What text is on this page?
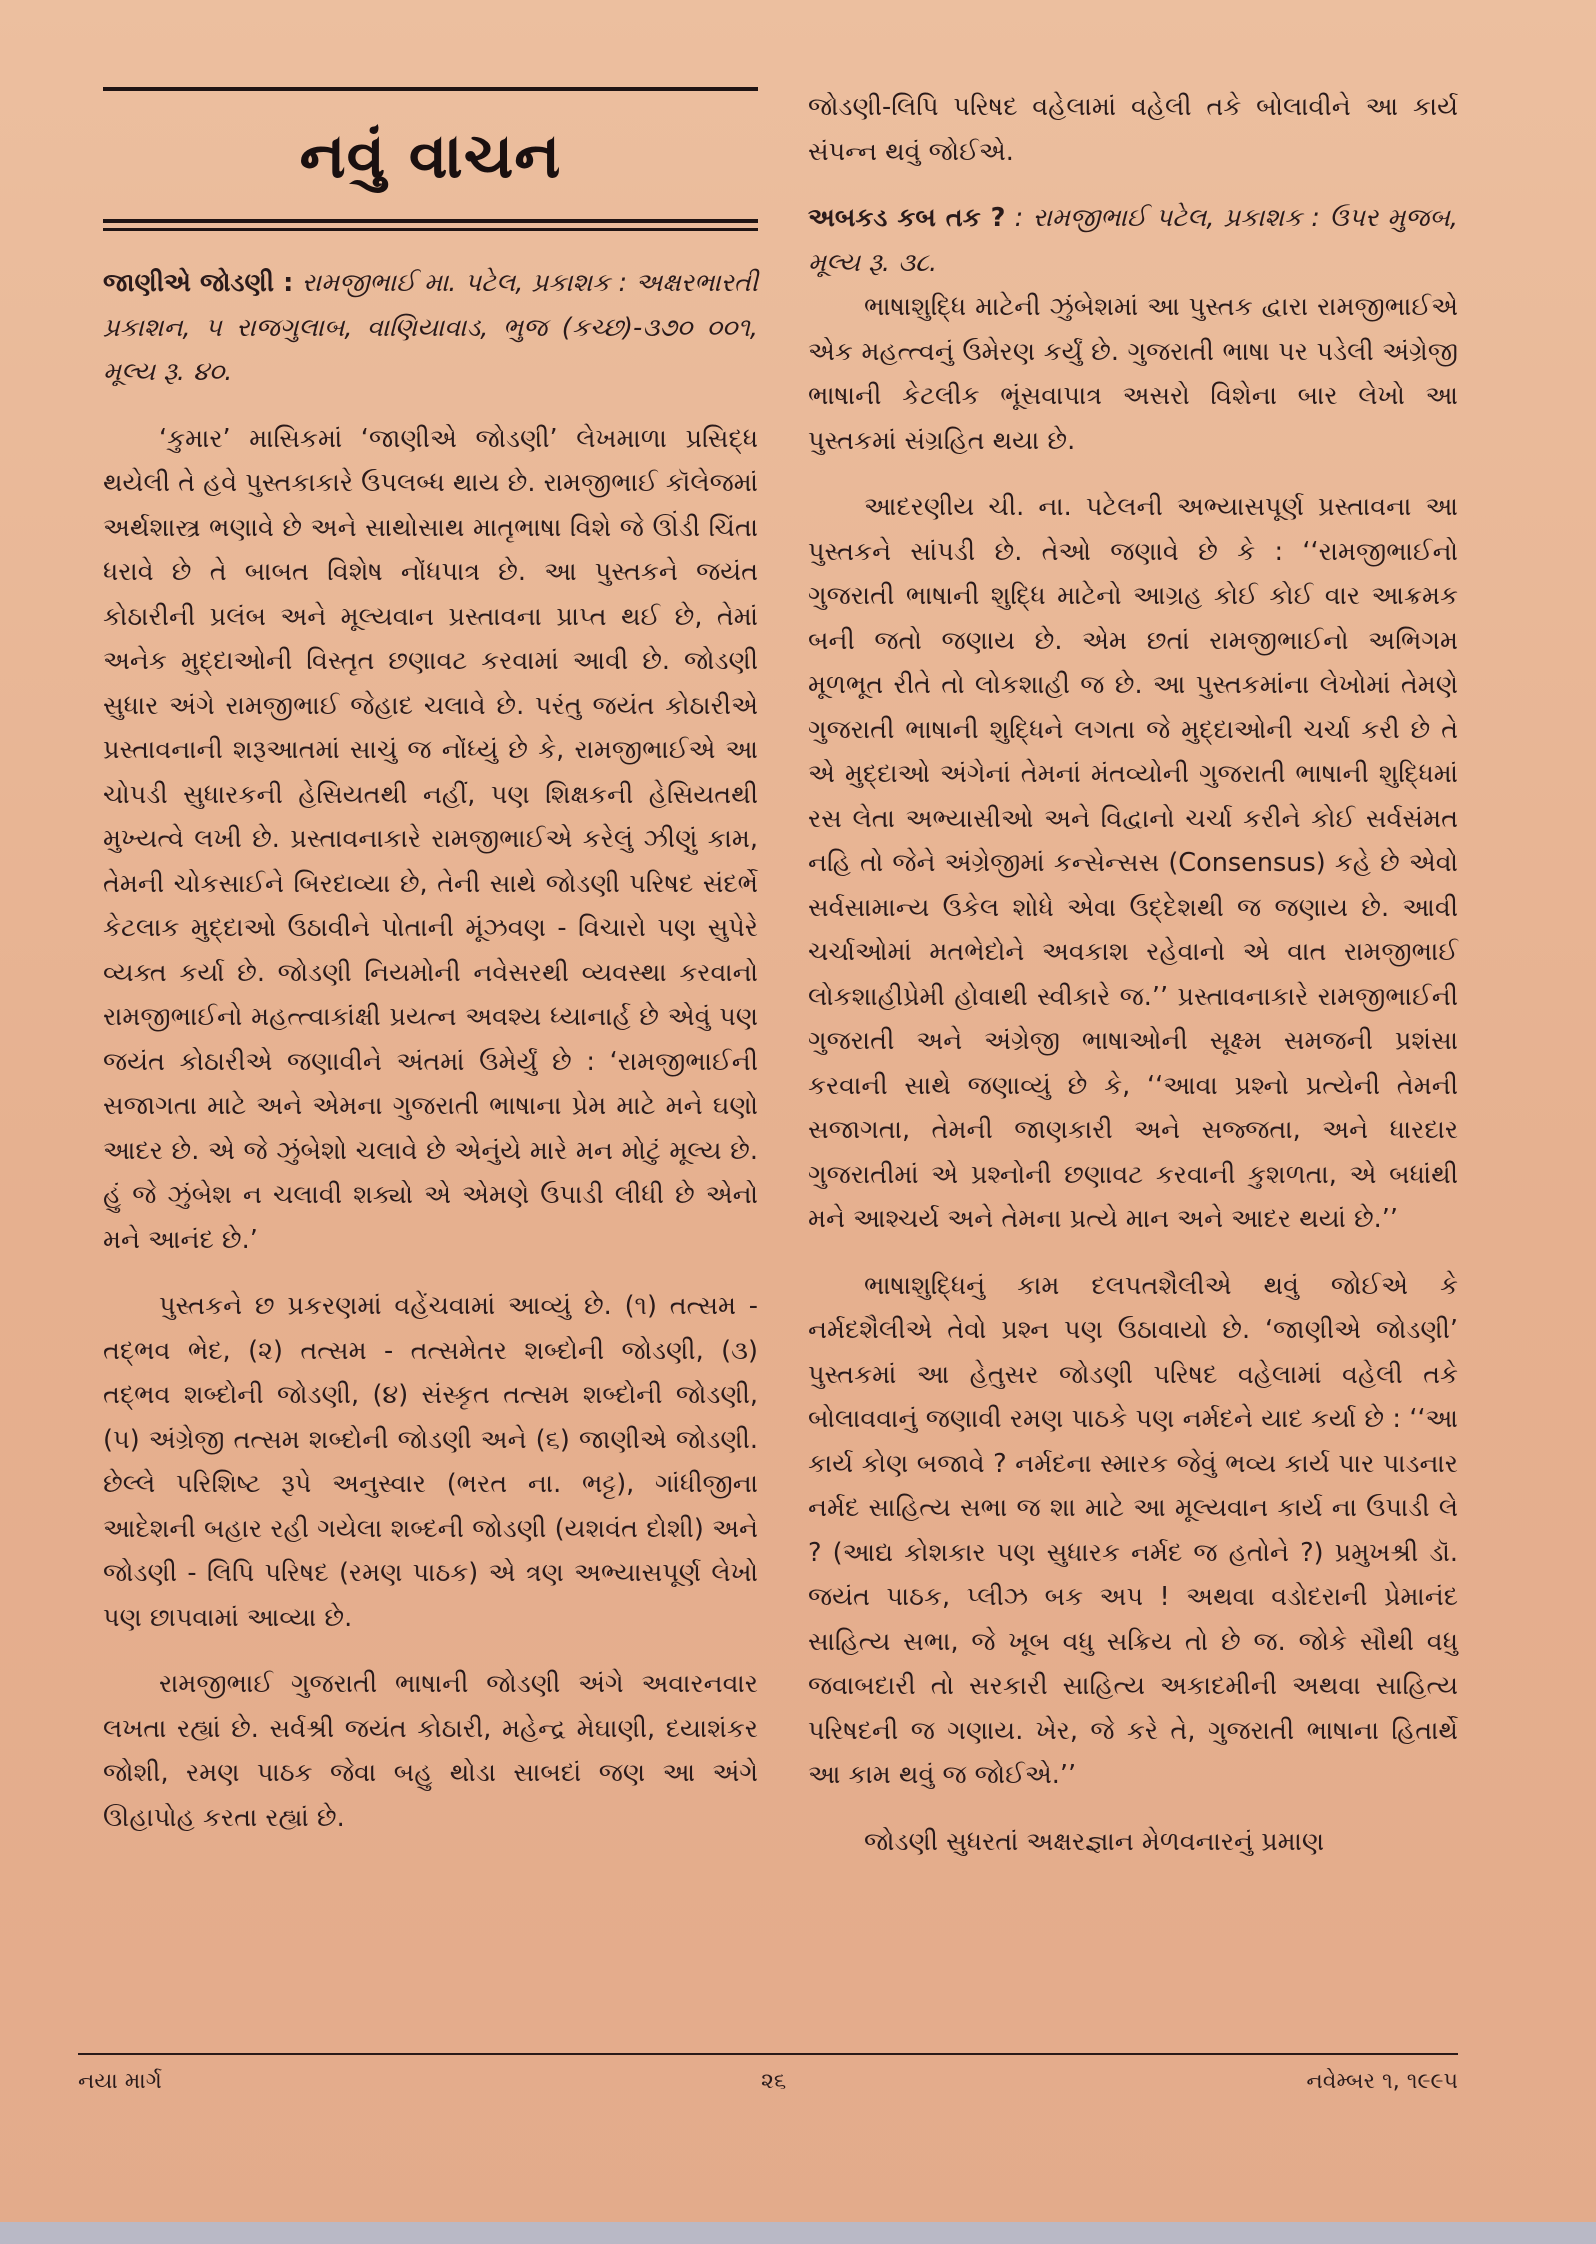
નવું વાચન

જાણીએ જોડણી : રામજીભાઈ મા. પટેલ, પ્રકાશક : અક્ષરભારતી પ્રકાશન, ૫ રાજગુલાબ, વાણિયાવાડ, ભુજ (કચ્છ)-૩૭૦ ૦૦૧, મૂલ્ય રૂ. ૪૦.

‘કુમાર’ માસિકમાં ‘જાણીએ જોડણી’ લેખમાળા પ્રસિદ્ધ થયેલી તે હવે પુસ્તકાકારે ઉપલબ્ધ થાય છે. રામજીભાઈ કૉલેજમાં અર્થશાસ્ત્ર ભણાવે છે અને સાથોસાથ માતૃભાષા વિશે જે ઊંડી ચિંતા ધરાવે છે તે બાબત વિશેષ નોંધપાત્ર છે. આ પુસ્તકને જયંત કોઠારીની પ્રલંબ અને મૂલ્યવાન પ્રસ્તાવના પ્રાપ્ત થઈ છે, તેમાં અનેક મુદ્દાઓની વિસ્તૃત છણાવટ કરવામાં આવી છે. જોડણી સુધાર અંગે રામજીભાઈ જેહાદ ચલાવે છે. પરંતુ જયંત કોઠારીએ પ્રસ્તાવનાની શરૂઆતમાં સાચું જ નોંધ્યું છે કે, રામજીભાઈએ આ ચોપડી સુધારકની હેસિયતથી નહીં, પણ શિક્ષકની હેસિયતથી મુખ્યત્વે લખી છે. પ્રસ્તાવનાકારે રામજીભાઈએ કરેલું ઝીણું કામ, તેમની ચોકસાઈને બિરદાવ્યા છે, તેની સાથે જોડણી પરિષદ સંદર્ભે કેટલાક મુદ્દાઓ ઉઠાવીને પોતાની મૂંઝવણ - વિચારો પણ સુપેરે વ્યક્ત કર્યા છે. જોડણી નિયમોની નવેસરથી વ્યવસ્થા કરવાનો રામજીભાઈનો મહત્ત્વાકાંક્ષી પ્રયત્ન અવશ્ય ધ્યાનાર્હ છે એવું પણ જયંત કોઠારીએ જણાવીને અંતમાં ઉમેર્યું છે : ‘રામજીભાઈની સજાગતા માટે અને એમના ગુજરાતી ભાષાના પ્રેમ માટે મને ઘણો આદર છે. એ જે ઝુંબેશો ચલાવે છે એનુંયે મારે મન મોટું મૂલ્ય છે. હું જે ઝુંબેશ ન ચલાવી શક્યો એ એમણે ઉપાડી લીધી છે એનો મને આનંદ છે.’

પુસ્તકને છ પ્રકરણમાં વહેંચવામાં આવ્યું છે. (૧) તત્સમ - તદ્ભવ ભેદ, (૨) તત્સમ - તત્સમેતર શબ્દોની જોડણી, (૩) તદ્ભવ શબ્દોની જોડણી, (૪) સંસ્કૃત તત્સમ શબ્દોની જોડણી, (૫) અંગ્રેજી તત્સમ શબ્દોની જોડણી અને (૬) જાણીએ જોડણી. છેલ્લે પરિશિષ્ટ રૂપે અનુસ્વાર (ભરત ના. ભટ્ટ), ગાંધીજીના આદેશની બહાર રહી ગયેલા શબ્દની જોડણી (યશવંત દોશી) અને જોડણી - લિપિ પરિષદ (રમણ પાઠક) એ ત્રણ અભ્યાસપૂર્ણ લેખો પણ છાપવામાં આવ્યા છે.

રામજીભાઈ ગુજરાતી ભાષાની જોડણી અંગે અવારનવાર લખતા રહ્યાં છે. સર્વશ્રી જયંત કોઠારી, મહેન્દ્ર મેઘાણી, દયાશંકર જોશી, રમણ પાઠક જેવા બહુ થોડા સાબદાં જણ આ અંગે ઊહાપોહ કરતા રહ્યાં છે.

જોડણી-લિપિ પરિષદ વહેલામાં વહેલી તકે બોલાવીને આ કાર્ય સંપન્ન થવું જોઈએ.

અબકડ કબ તક ? : રામજીભાઈ પટેલ, પ્રકાશક : ઉપર મુજબ, મૂલ્ય રૂ. ૩૮.

ભાષાશુદ્ધિ માટેની ઝુંબેશમાં આ પુસ્તક દ્વારા રામજીભાઈએ એક મહત્ત્વનું ઉમેરણ કર્યું છે. ગુજરાતી ભાષા પર પડેલી અંગ્રેજી ભાષાની કેટલીક ભૂંસવાપાત્ર અસરો વિશેના બાર લેખો આ પુસ્તકમાં સંગ્રહિત થયા છે.

આદરણીય ચી. ના. પટેલની અભ્યાસપૂર્ણ પ્રસ્તાવના આ પુસ્તકને સાંપડી છે. તેઓ જણાવે છે કે : ‘‘રામજીભાઈનો ગુજરાતી ભાષાની શુદ્ધિ માટેનો આગ્રહ કોઈ કોઈ વાર આક્રમક બની જતો જણાય છે. એમ છતાં રામજીભાઈનો અભિગમ મૂળભૂત રીતે તો લોકશાહી જ છે. આ પુસ્તકમાંના લેખોમાં તેમણે ગુજરાતી ભાષાની શુદ્ધિને લગતા જે મુદ્દાઓની ચર્ચા કરી છે તે એ મુદ્દાઓ અંગેનાં તેમનાં મંતવ્યોની ગુજરાતી ભાષાની શુદ્ધિમાં રસ લેતા અભ્યાસીઓ અને વિદ્વાનો ચર્ચા કરીને કોઈ સર્વસંમત નહિ તો જેને અંગ્રેજીમાં કન્સેન્સસ (Consensus) કહે છે એવો સર્વસામાન્ય ઉકેલ શોધે એવા ઉદ્દેશથી જ જણાય છે. આવી ચર્ચાઓમાં મતભેદોને અવકાશ રહેવાનો એ વાત રામજીભાઈ લોકશાહીપ્રેમી હોવાથી સ્વીકારે જ.’’ પ્રસ્તાવનાકારે રામજીભાઈની ગુજરાતી અને અંગ્રેજી ભાષાઓની સૂક્ષ્મ સમજની પ્રશંસા કરવાની સાથે જણાવ્યું છે કે, ‘‘આવા પ્રશ્નો પ્રત્યેની તેમની સજાગતા, તેમની જાણકારી અને સજ્જતા, અને ધારદાર ગુજરાતીમાં એ પ્રશ્નોની છણાવટ કરવાની કુશળતા, એ બધાંથી મને આશ્ચર્ય અને તેમના પ્રત્યે માન અને આદર થયાં છે.’’

ભાષાશુદ્ધિનું કામ દલપતશૈલીએ થવું જોઈએ કે નર્મદશૈલીએ તેવો પ્રશ્ન પણ ઉઠાવાયો છે. ‘જાણીએ જોડણી’ પુસ્તકમાં આ હેતુસર જોડણી પરિષદ વહેલામાં વહેલી તકે બોલાવવાનું જણાવી રમણ પાઠકે પણ નર્મદને યાદ કર્યા છે : ‘‘આ કાર્ય કોણ બજાવે ? નર્મદના સ્મારક જેવું ભવ્ય કાર્ય પાર પાડનાર નર્મદ સાહિત્ય સભા જ શા માટે આ મૂલ્યવાન કાર્ય ના ઉપાડી લે ? (આદ્ય કોશકાર પણ સુધારક નર્મદ જ હતોને ?) પ્રમુખશ્રી ડૉ. જયંત પાઠક, પ્લીઝ બક અપ ! અથવા વડોદરાની પ્રેમાનંદ સાહિત્ય સભા, જે ખૂબ વધુ સક્રિય તો છે જ. જોકે સૌથી વધુ જવાબદારી તો સરકારી સાહિત્ય અકાદમીની અથવા સાહિત્ય પરિષદની જ ગણાય. ખેર, જે કરે તે, ગુજરાતી ભાષાના હિતાર્થે આ કામ થવું જ જોઈએ.’’

જોડણી સુધરતાં અક્ષરજ્ઞાન મેળવનારનું પ્રમાણ

નયા માર્ગ	૨૬	નવેમ્બર ૧, ૧૯૯૫
